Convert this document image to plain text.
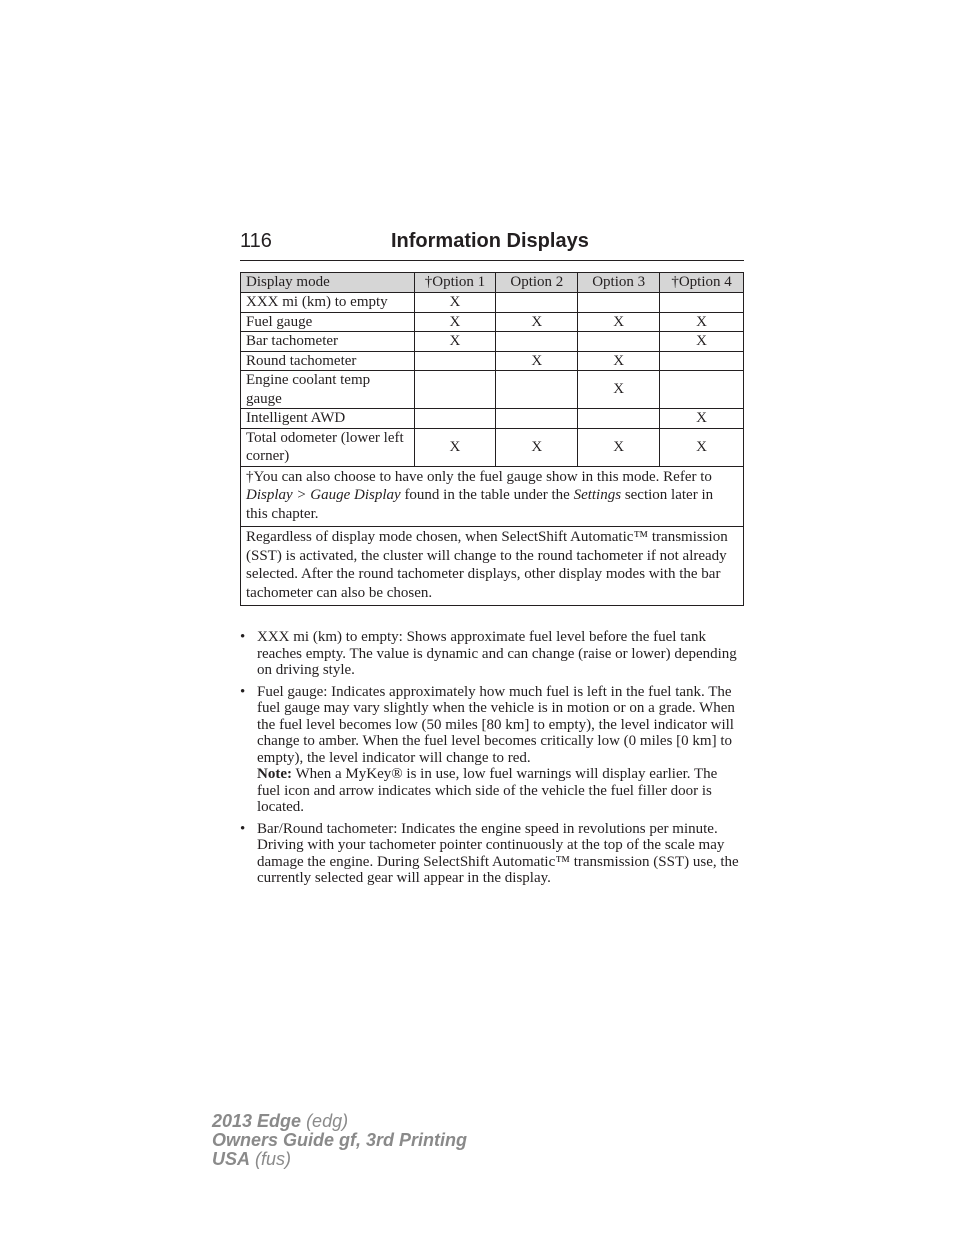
116	Information Displays
Display mode	†Option 1	Option 2	Option 3	†Option 4
XXX mi (km) to empty	X			
Fuel gauge	X	X	X	X
Bar tachometer	X			X
Round tachometer		X	X	
Engine coolant temp gauge			X	
Intelligent AWD				X
Total odometer (lower left corner)	X	X	X	X
†You can also choose to have only the fuel gauge show in this mode. Refer to Display > Gauge Display found in the table under the Settings section later in this chapter.				
Regardless of display mode chosen, when SelectShift Automatic™ transmission (SST) is activated, the cluster will change to the round tachometer if not already selected. After the round tachometer displays, other display modes with the bar tachometer can also be chosen.				
• XXX mi (km) to empty: Shows approximate fuel level before the fuel tank reaches empty. The value is dynamic and can change (raise or lower) depending on driving style.
• Fuel gauge: Indicates approximately how much fuel is left in the fuel tank. The fuel gauge may vary slightly when the vehicle is in motion or on a grade. When the fuel level becomes low (50 miles [80 km] to empty), the level indicator will change to amber. When the fuel level becomes critically low (0 miles [0 km] to empty), the level indicator will change to red.
Note: When a MyKey® is in use, low fuel warnings will display earlier. The fuel icon and arrow indicates which side of the vehicle the fuel filler door is located.
• Bar/Round tachometer: Indicates the engine speed in revolutions per minute. Driving with your tachometer pointer continuously at the top of the scale may damage the engine. During SelectShift Automatic™ transmission (SST) use, the currently selected gear will appear in the display.
2013 Edge (edg)
Owners Guide gf, 3rd Printing
USA (fus)
